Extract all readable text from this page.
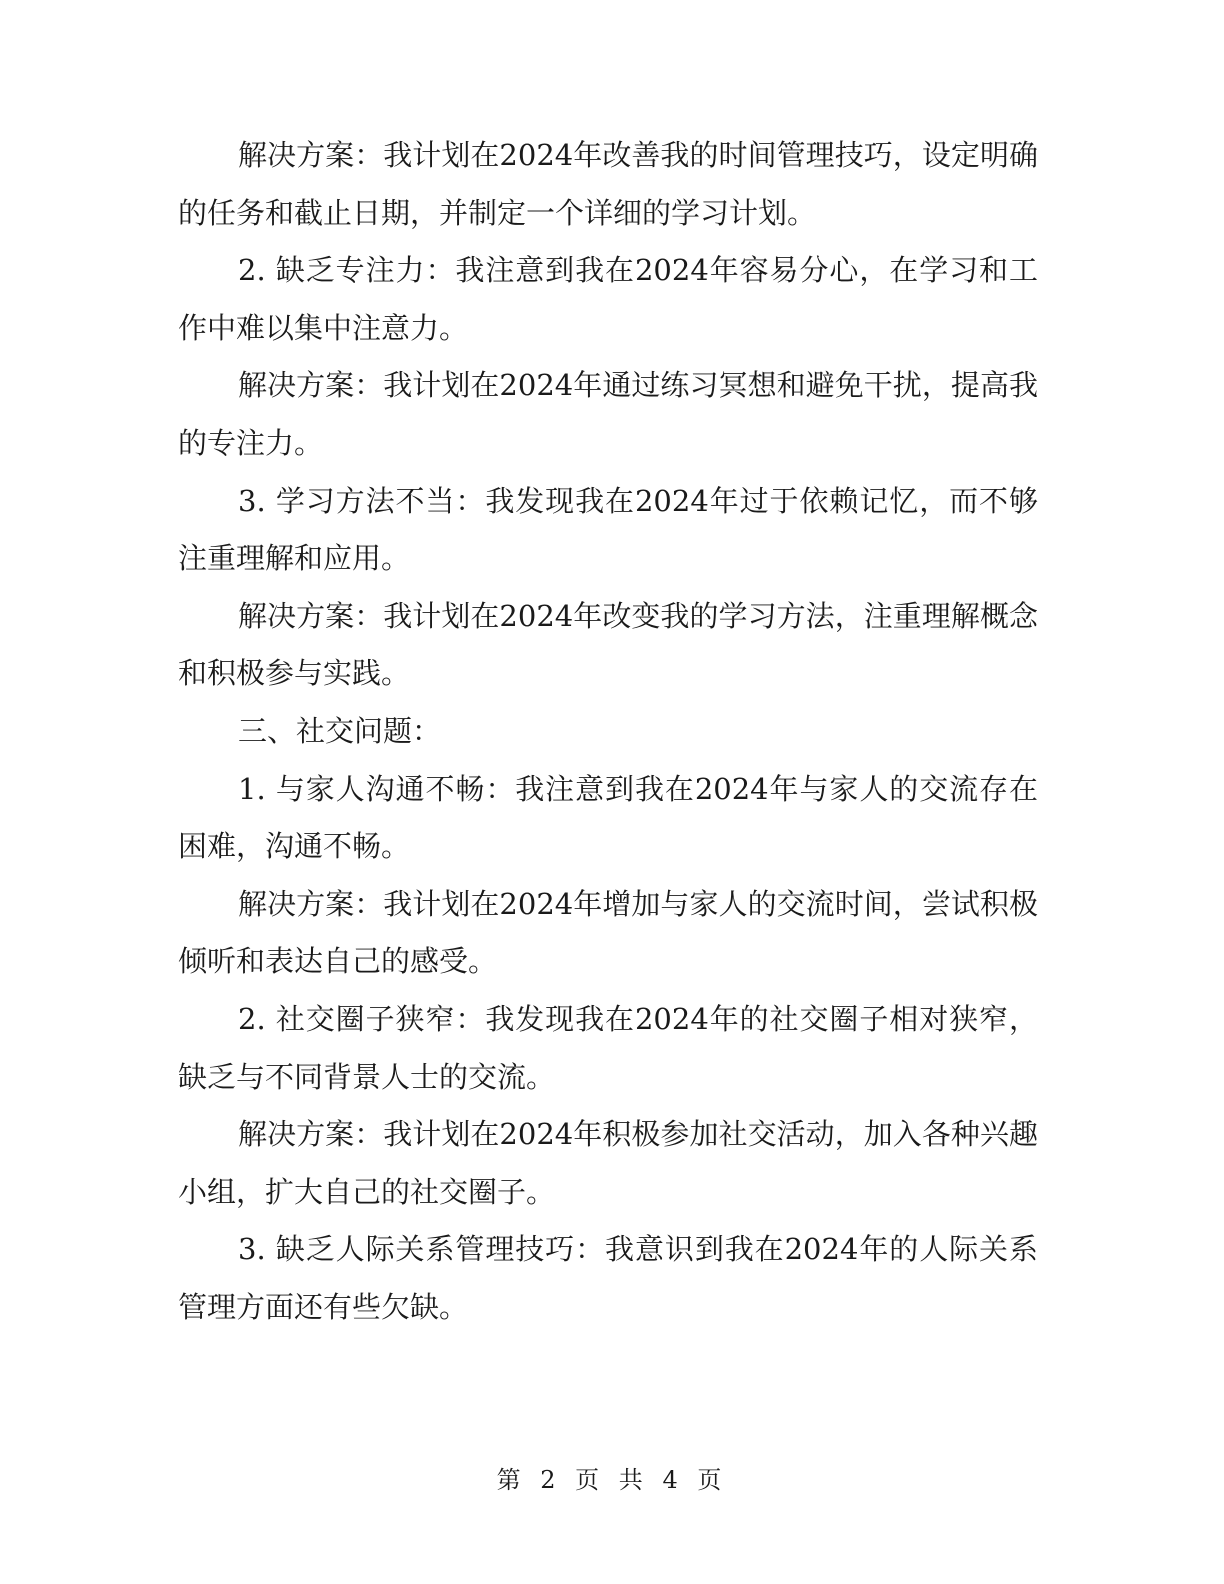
解决方案：我计划在2024年改善我的时间管理技巧，设定明确的任务和截止日期，并制定一个详细的学习计划。

2. 缺乏专注力：我注意到我在2024年容易分心，在学习和工作中难以集中注意力。

解决方案：我计划在2024年通过练习冥想和避免干扰，提高我的专注力。

3. 学习方法不当：我发现我在2024年过于依赖记忆，而不够注重理解和应用。

解决方案：我计划在2024年改变我的学习方法，注重理解概念和积极参与实践。

三、社交问题：

1. 与家人沟通不畅：我注意到我在2024年与家人的交流存在困难，沟通不畅。

解决方案：我计划在2024年增加与家人的交流时间，尝试积极倾听和表达自己的感受。

2. 社交圈子狭窄：我发现我在2024年的社交圈子相对狭窄，缺乏与不同背景人士的交流。

解决方案：我计划在2024年积极参加社交活动，加入各种兴趣小组，扩大自己的社交圈子。

3. 缺乏人际关系管理技巧：我意识到我在2024年的人际关系管理方面还有些欠缺。

第 2 页 共 4 页
